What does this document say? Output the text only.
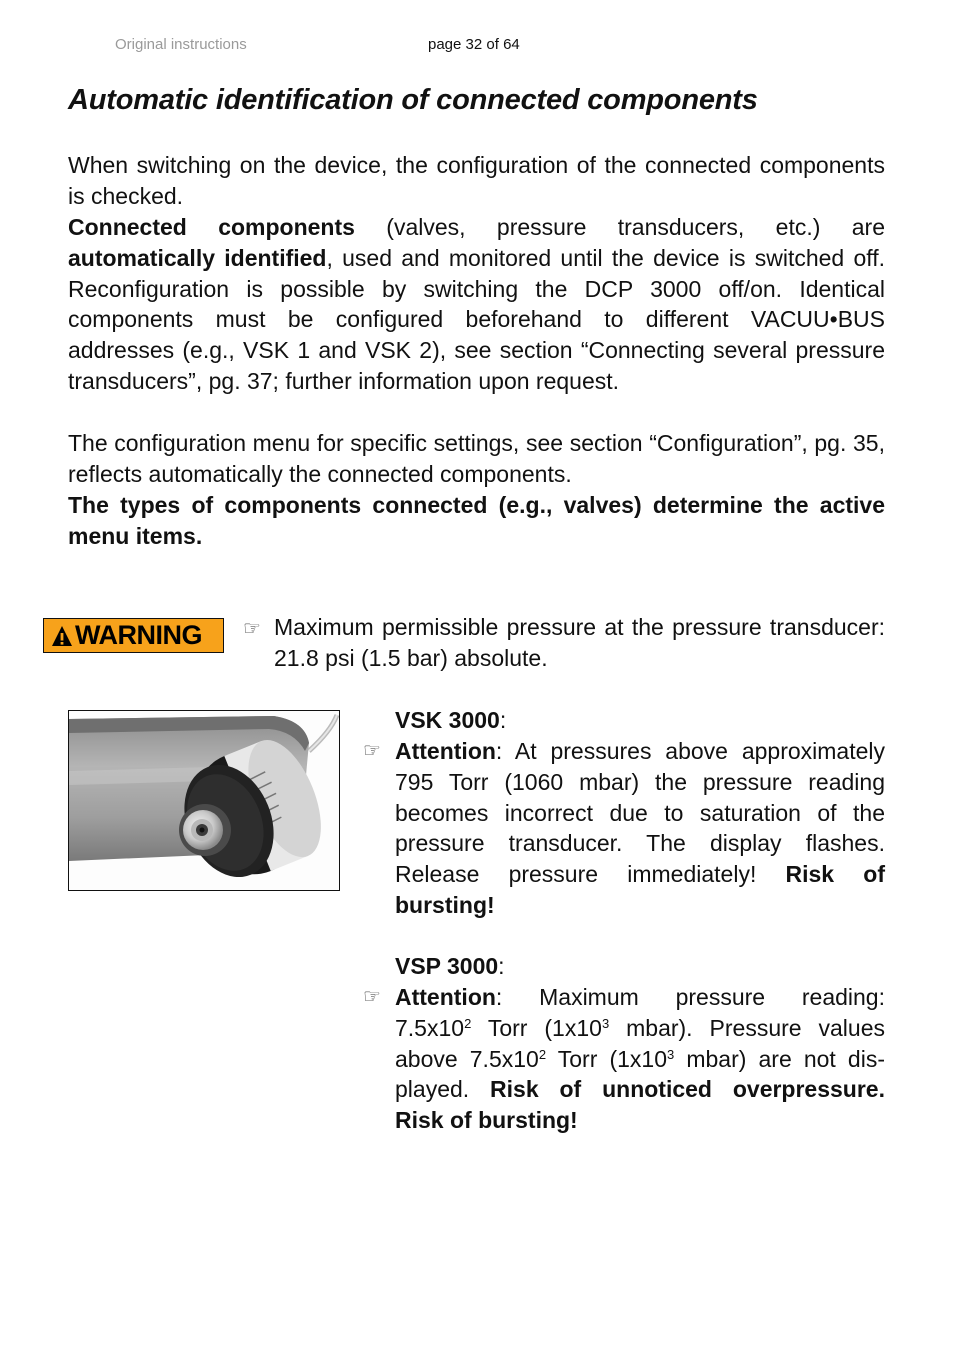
Original instructions	page 32 of 64
Automatic identification of connected components

When switching on the device, the configuration of the connected components is checked.

Connected components (valves, pressure transducers, etc.) are automatically identified, used and monitored until the device is switched off. Reconfiguration is possible by switching the DCP 3000 off/on. Identical components must be configured beforehand to different VACUU•BUS addresses (e.g., VSK 1 and VSK 2), see section “Connecting several pressure transducers”, pg. 37; further information upon request.

The configuration menu for specific settings, see section “Configuration”, pg. 35, reflects automatically the connected components.

The types of components connected (e.g., valves) determine the active menu items.

WARNING ☞ Maximum permissible pressure at the pressure transducer: 21.8 psi (1.5 bar) absolute.

VSK 3000:

☞ Attention: At pressures above approximately 795 Torr (1060 mbar) the pressure reading becomes incorrect due to saturation of the pressure transducer. The display flashes. Release pressure immediately! Risk of bursting!

VSP 3000:

☞ Attention: Maximum pressure reading:
$7.5x10^2$ Torr ($1x10^3$ mbar). Pressure values
above $7.5x10^2$ Torr ($1x10^3$ mbar) are not dis-
played. Risk of unnoticed overpressure.
Risk of bursting!
